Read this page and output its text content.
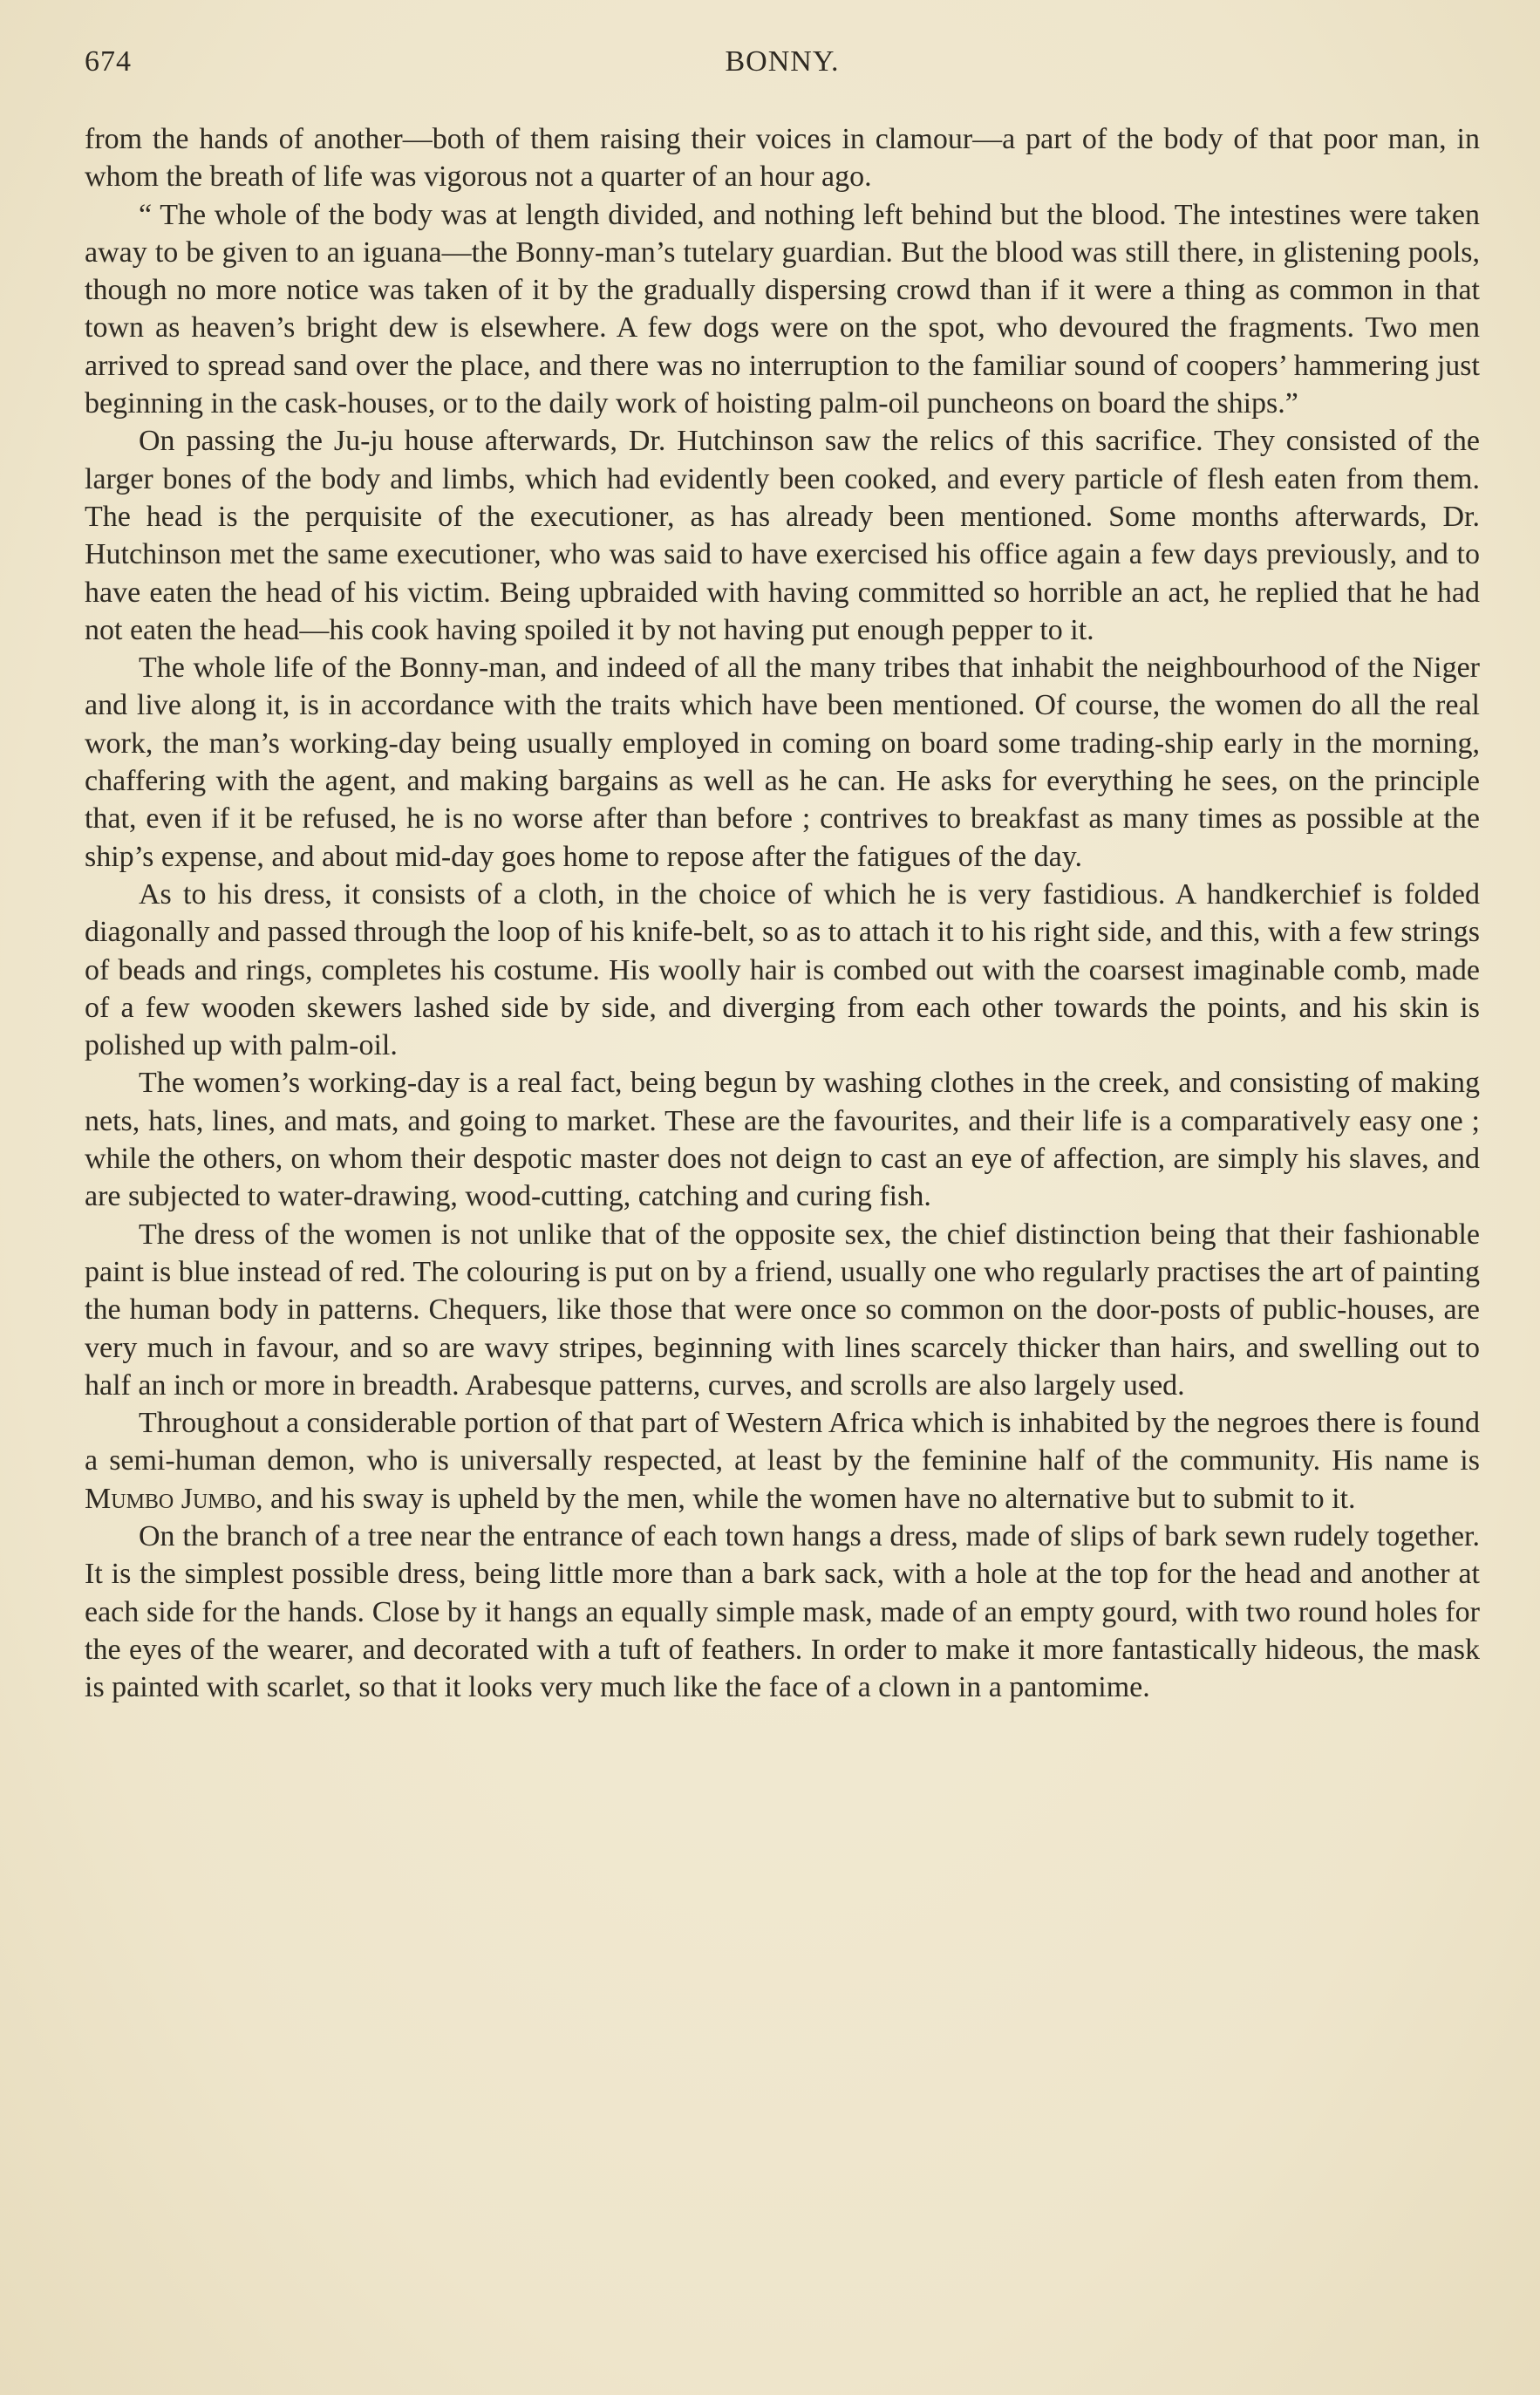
674	BONNY.

from the hands of another—both of them raising their voices in clamour—a part of the body of that poor man, in whom the breath of life was vigorous not a quarter of an hour ago.

“ The whole of the body was at length divided, and nothing left behind but the blood. The intestines were taken away to be given to an iguana—the Bonny-man’s tutelary guardian. But the blood was still there, in glistening pools, though no more notice was taken of it by the gradually dispersing crowd than if it were a thing as common in that town as heaven’s bright dew is elsewhere. A few dogs were on the spot, who devoured the fragments. Two men arrived to spread sand over the place, and there was no interruption to the familiar sound of coopers’ hammering just beginning in the cask-houses, or to the daily work of hoisting palm-oil puncheons on board the ships.”

On passing the Ju-ju house afterwards, Dr. Hutchinson saw the relics of this sacrifice. They consisted of the larger bones of the body and limbs, which had evidently been cooked, and every particle of flesh eaten from them. The head is the perquisite of the executioner, as has already been mentioned. Some months afterwards, Dr. Hutchinson met the same executioner, who was said to have exercised his office again a few days previously, and to have eaten the head of his victim. Being upbraided with having committed so horrible an act, he replied that he had not eaten the head—his cook having spoiled it by not having put enough pepper to it.

The whole life of the Bonny-man, and indeed of all the many tribes that inhabit the neighbourhood of the Niger and live along it, is in accordance with the traits which have been mentioned. Of course, the women do all the real work, the man’s working-day being usually employed in coming on board some trading-ship early in the morning, chaffering with the agent, and making bargains as well as he can. He asks for everything he sees, on the principle that, even if it be refused, he is no worse after than before ; contrives to breakfast as many times as possible at the ship’s expense, and about mid-day goes home to repose after the fatigues of the day.

As to his dress, it consists of a cloth, in the choice of which he is very fastidious. A handkerchief is folded diagonally and passed through the loop of his knife-belt, so as to attach it to his right side, and this, with a few strings of beads and rings, completes his costume. His woolly hair is combed out with the coarsest imaginable comb, made of a few wooden skewers lashed side by side, and diverging from each other towards the points, and his skin is polished up with palm-oil.

The women’s working-day is a real fact, being begun by washing clothes in the creek, and consisting of making nets, hats, lines, and mats, and going to market. These are the favourites, and their life is a comparatively easy one ; while the others, on whom their despotic master does not deign to cast an eye of affection, are simply his slaves, and are subjected to water-drawing, wood-cutting, catching and curing fish.

The dress of the women is not unlike that of the opposite sex, the chief distinction being that their fashionable paint is blue instead of red. The colouring is put on by a friend, usually one who regularly practises the art of painting the human body in patterns. Chequers, like those that were once so common on the door-posts of public-houses, are very much in favour, and so are wavy stripes, beginning with lines scarcely thicker than hairs, and swelling out to half an inch or more in breadth. Arabesque patterns, curves, and scrolls are also largely used.

Throughout a considerable portion of that part of Western Africa which is inhabited by the negroes there is found a semi-human demon, who is universally respected, at least by the feminine half of the community. His name is Mumbo Jumbo, and his sway is upheld by the men, while the women have no alternative but to submit to it.

On the branch of a tree near the entrance of each town hangs a dress, made of slips of bark sewn rudely together. It is the simplest possible dress, being little more than a bark sack, with a hole at the top for the head and another at each side for the hands. Close by it hangs an equally simple mask, made of an empty gourd, with two round holes for the eyes of the wearer, and decorated with a tuft of feathers. In order to make it more fantastically hideous, the mask is painted with scarlet, so that it looks very much like the face of a clown in a pantomime.
